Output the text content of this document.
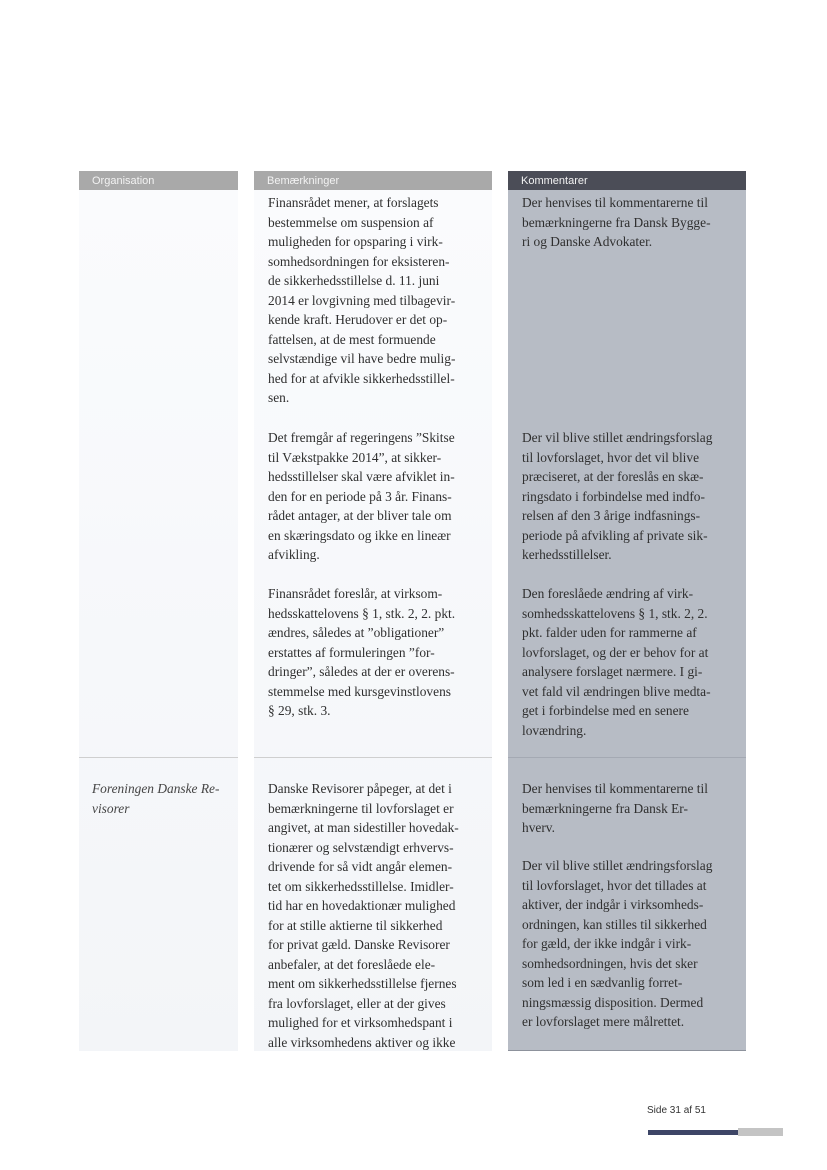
Organisation	Bemærkninger	Kommentarer
Finansrådet mener, at forslagets
bestemmelse om suspension af
muligheden for opsparing i virk-
somhedsordningen for eksisteren-
de sikkerhedsstillelse d. 11. juni
2014 er lovgivning med tilbagevir-
kende kraft. Herudover er det op-
fattelsen, at de mest formuende
selvstændige vil have bedre mulig-
hed for at afvikle sikkerhedsstillel-
sen.
Der henvises til kommentarerne til
bemærkningerne fra Dansk Bygge-
ri og Danske Advokater.
Det fremgår af regeringens ”Skitse
til Vækstpakke 2014”, at sikker-
hedsstillelser skal være afviklet in-
den for en periode på 3 år. Finans-
rådet antager, at der bliver tale om
en skæringsdato og ikke en lineær
afvikling.
Der vil blive stillet ændringsforslag
til lovforslaget, hvor det vil blive
præciseret, at der foreslås en skæ-
ringsdato i forbindelse med indfo-
relsen af den 3 årige indfasnings-
periode på afvikling af private sik-
kerhedsstillelser.
Finansrådet foreslår, at virksom-
hedsskattelovens § 1, stk. 2, 2. pkt.
ændres, således at ”obligationer”
erstattes af formuleringen ”for-
dringer”, således at der er overens-
stemmelse med kursgevinstlovens
§ 29, stk. 3.
Den foreslåede ændring af virk-
somhedsskattelovens § 1, stk. 2, 2.
pkt. falder uden for rammerne af
lovforslaget, og der er behov for at
analysere forslaget nærmere. I gi-
vet fald vil ændringen blive medta-
get i forbindelse med en senere
lovændring.
Foreningen Danske Re-
visorer
Danske Revisorer påpeger, at det i
bemærkningerne til lovforslaget er
angivet, at man sidestiller hovedak-
tionærer og selvstændigt erhvervs-
drivende for så vidt angår elemen-
tet om sikkerhedsstillelse. Imidler-
tid har en hovedaktionær mulighed
for at stille aktierne til sikkerhed
for privat gæld. Danske Revisorer
anbefaler, at det foreslåede ele-
ment om sikkerhedsstillelse fjernes
fra lovforslaget, eller at der gives
mulighed for et virksomhedspant i
alle virksomhedens aktiver og ikke
Der henvises til kommentarerne til
bemærkningerne fra Dansk Er-
hverv.
Der vil blive stillet ændringsforslag
til lovforslaget, hvor det tillades at
aktiver, der indgår i virksomheds-
ordningen, kan stilles til sikkerhed
for gæld, der ikke indgår i virk-
somhedsordningen, hvis det sker
som led i en sædvanlig forret-
ningsmæssig disposition. Dermed
er lovforslaget mere målrettet.
Side 31 af 51
